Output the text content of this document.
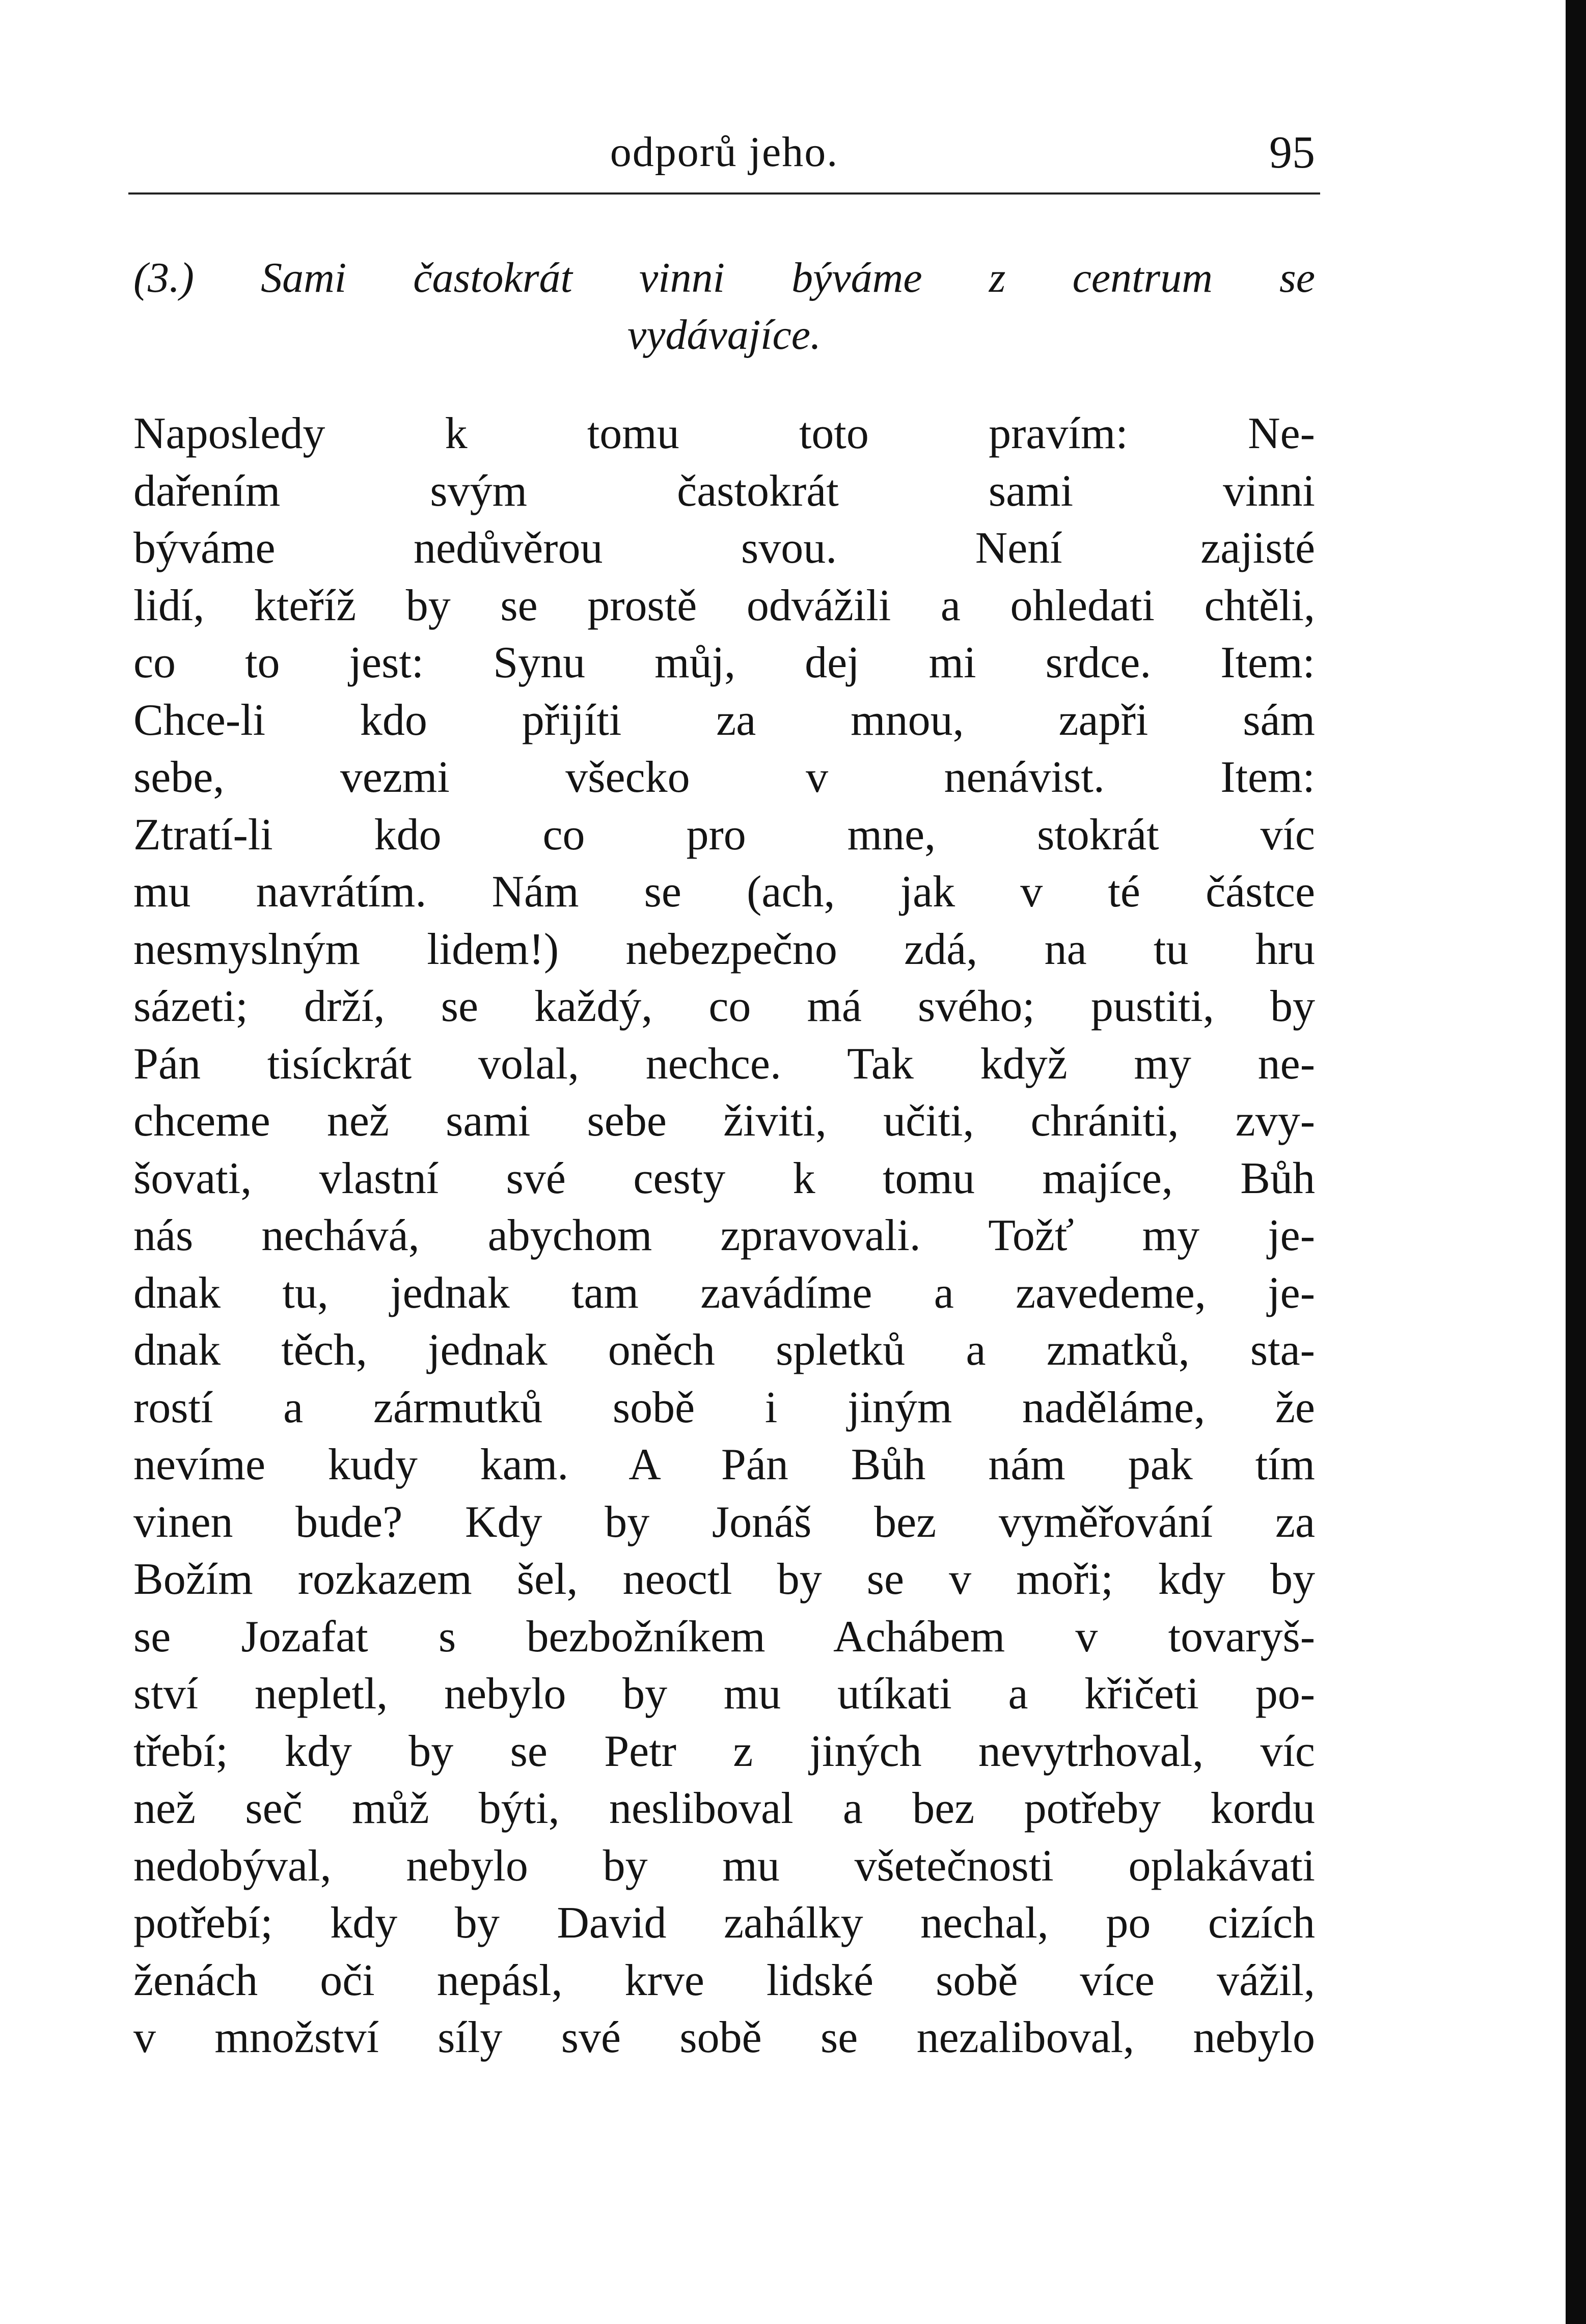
odporů jeho.	95
(3.) Sami častokrát vinni býváme z centrum se
vydávajíce.
Naposledy k tomu toto pravím: Ne-
dařením svým častokrát sami vinni
býváme nedůvěrou svou. Není zajisté
lidí, kteříž by se prostě odvážili a ohledati chtěli,
co to jest: Synu můj, dej mi srdce. Item:
Chce-li kdo přijíti za mnou, zapři sám
sebe, vezmi všecko v nenávist. Item:
Ztratí-li kdo co pro mne, stokrát víc
mu navrátím. Nám se (ach, jak v té částce
nesmyslným lidem!) nebezpečno zdá, na tu hru
sázeti; drží, se každý, co má svého; pustiti, by
Pán tisíckrát volal, nechce. Tak když my ne-
chceme než sami sebe živiti, učiti, chrániti, zvy-
šovati, vlastní své cesty k tomu majíce, Bůh
nás nechává, abychom zpravovali. Tožť my je-
dnak tu, jednak tam zavádíme a zavedeme, je-
dnak těch, jednak oněch spletků a zmatků, sta-
rostí a zármutků sobě i jiným naděláme, že
nevíme kudy kam. A Pán Bůh nám pak tím
vinen bude? Kdy by Jonáš bez vyměřování za
Božím rozkazem šel, neoctl by se v moři; kdy by
se Jozafat s bezbožníkem Achábem v tovaryš-
ství nepletl, nebylo by mu utíkati a křičeti po-
třebí; kdy by se Petr z jiných nevytrhoval, víc
než seč můž býti, nesliboval a bez potřeby kordu
nedobýval, nebylo by mu všetečnosti oplakávati
potřebí; kdy by David zahálky nechal, po cizích
ženách oči nepásl, krve lidské sobě více vážil,
v množství síly své sobě se nezaliboval, nebylo
